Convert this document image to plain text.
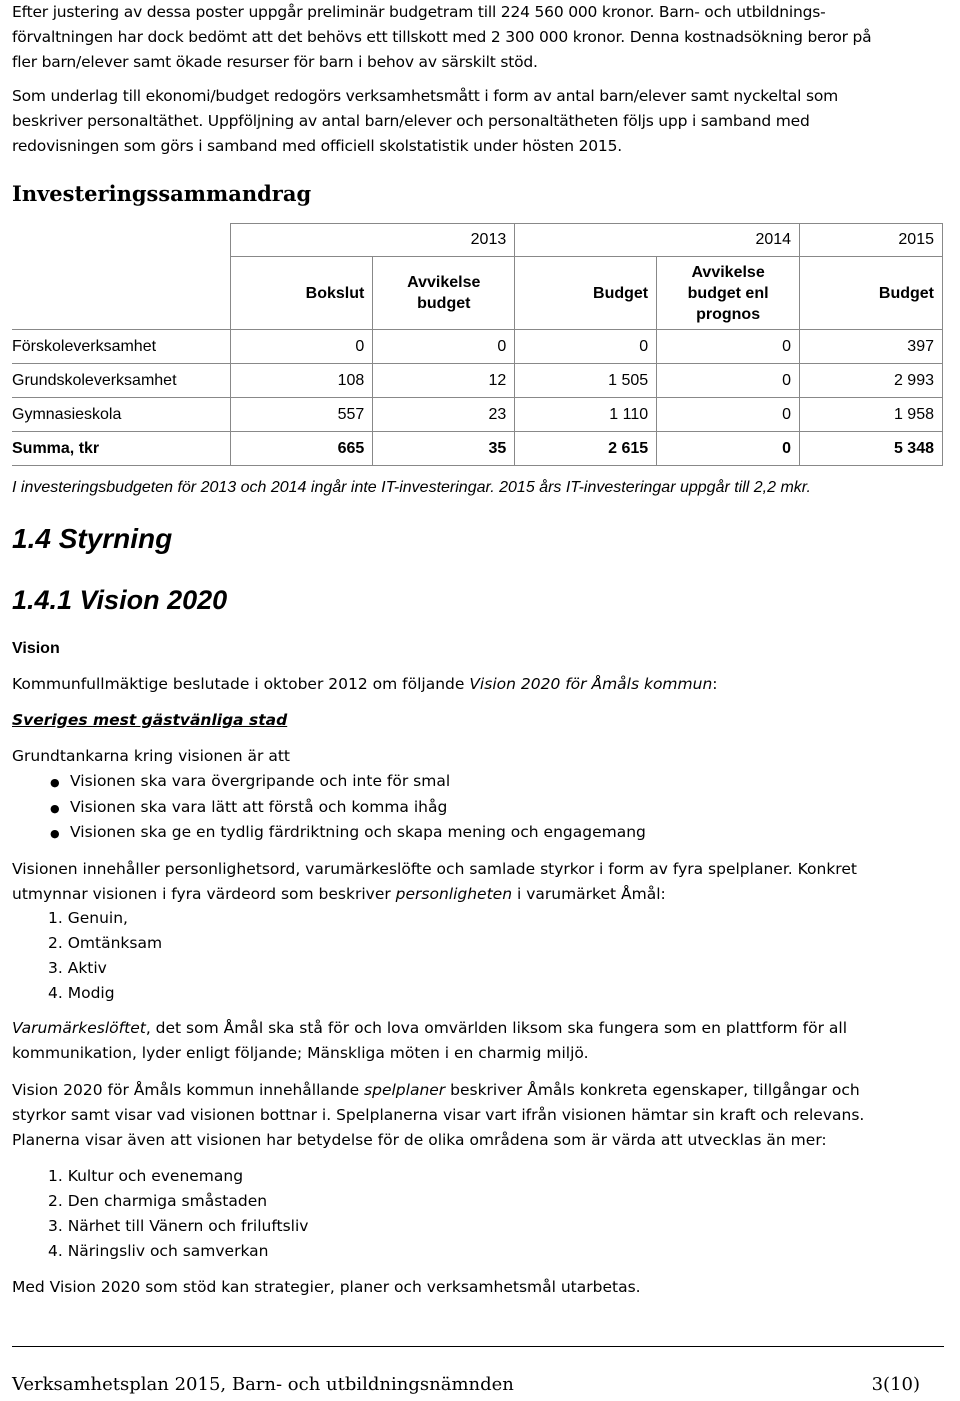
Efter justering av dessa poster uppgår preliminär budgetram till 224 560 000 kronor. Barn- och utbildnings-

förvaltningen har dock bedömt att det behövs ett tillskott med 2 300 000 kronor. Denna kostnadsökning beror på

fler barn/elever samt ökade resurser för barn i behov av särskilt stöd.

Som underlag till ekonomi/budget redogörs verksamhetsmått i form av antal barn/elever samt nyckeltal som

beskriver personaltäthet. Uppföljning av antal barn/elever och personaltätheten följs upp i samband med

redovisningen som görs i samband med officiell skolstatistik under hösten 2015.

Investeringssammandrag
	2013		2014		2015
	Bokslut	Avvikelse budget	Budget	Avvikelse budget enl prognos	Budget
Förskoleverksamhet	0	0	0	0	397
Grundskoleverksamhet	108	12	1 505	0	2 993
Gymnasieskola	557	23	1 110	0	1 958
Summa, tkr	665	35	2 615	0	5 348

I investeringsbudgeten för 2013 och 2014 ingår inte IT-investeringar. 2015 års IT-investeringar uppgår till 2,2 mkr.

1.4 Styrning
1.4.1 Vision 2020

Vision

Kommunfullmäktige beslutade i oktober 2012 om följande Vision 2020 för Åmåls kommun:

Sveriges mest gästvänliga stad

Grundtankarna kring visionen är att

● Visionen ska vara övergripande och inte för smal
● Visionen ska vara lätt att förstå och komma ihåg
● Visionen ska ge en tydlig färdriktning och skapa mening och engagemang

Visionen innehåller personlighetsord, varumärkeslöfte och samlade styrkor i form av fyra spelplaner. Konkret

utmynnar visionen i fyra värdeord som beskriver personligheten i varumärket Åmål:

1. Genuin,
2. Omtänksam
3. Aktiv
4. Modig

Varumärkeslöftet, det som Åmål ska stå för och lova omvärlden liksom ska fungera som en plattform för all

kommunikation, lyder enligt följande; Mänskliga möten i en charmig miljö.

Vision 2020 för Åmåls kommun innehållande spelplaner beskriver Åmåls konkreta egenskaper, tillgångar och

styrkor samt visar vad visionen bottnar i. Spelplanerna visar vart ifrån visionen hämtar sin kraft och relevans.

Planerna visar även att visionen har betydelse för de olika områdena som är värda att utvecklas än mer:

1. Kultur och evenemang
2. Den charmiga småstaden
3. Närhet till Vänern och friluftsliv
4. Näringsliv och samverkan

Med Vision 2020 som stöd kan strategier, planer och verksamhetsmål utarbetas.

Verksamhetsplan 2015, Barn- och utbildningsnämnden	3(10)
